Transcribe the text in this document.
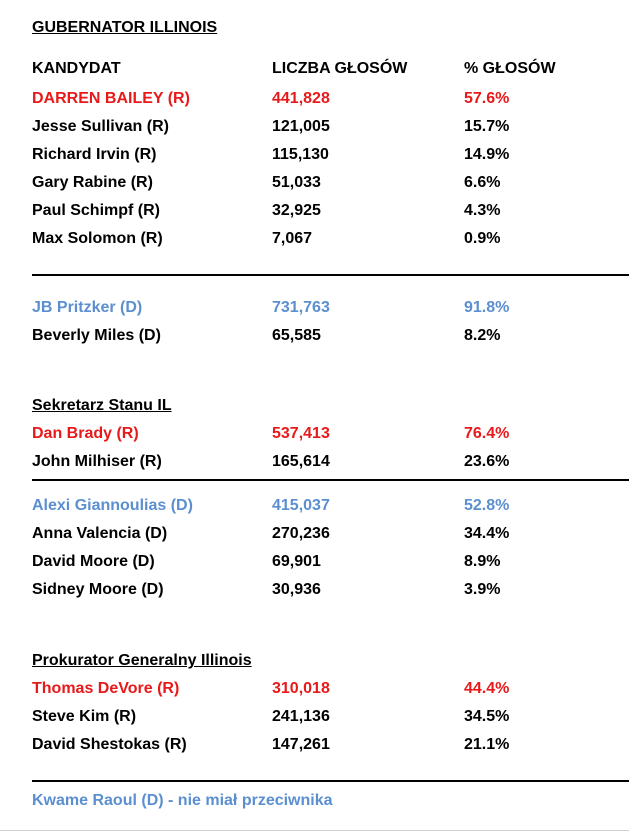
GUBERNATOR ILLINOIS
KANDYDAT	LICZBA GŁOSÓW	% GŁOSÓW
DARREN BAILEY (R)	441,828	57.6%
Jesse Sullivan (R)	121,005	15.7%
Richard Irvin (R)	115,130	14.9%
Gary Rabine (R)	51,033	6.6%
Paul Schimpf (R)	32,925	4.3%
Max Solomon (R)	7,067	0.9%
JB Pritzker (D)	731,763	91.8%
Beverly Miles (D)	65,585	8.2%
Sekretarz Stanu IL
Dan Brady (R)	537,413	76.4%
John Milhiser (R)	165,614	23.6%
Alexi Giannoulias (D)	415,037	52.8%
Anna Valencia (D)	270,236	34.4%
David Moore (D)	69,901	8.9%
Sidney Moore (D)	30,936	3.9%
Prokurator Generalny Illinois
Thomas DeVore (R)	310,018	44.4%
Steve Kim (R)	241,136	34.5%
David Shestokas (R)	147,261	21.1%
Kwame Raoul (D) - nie miał przeciwnika
